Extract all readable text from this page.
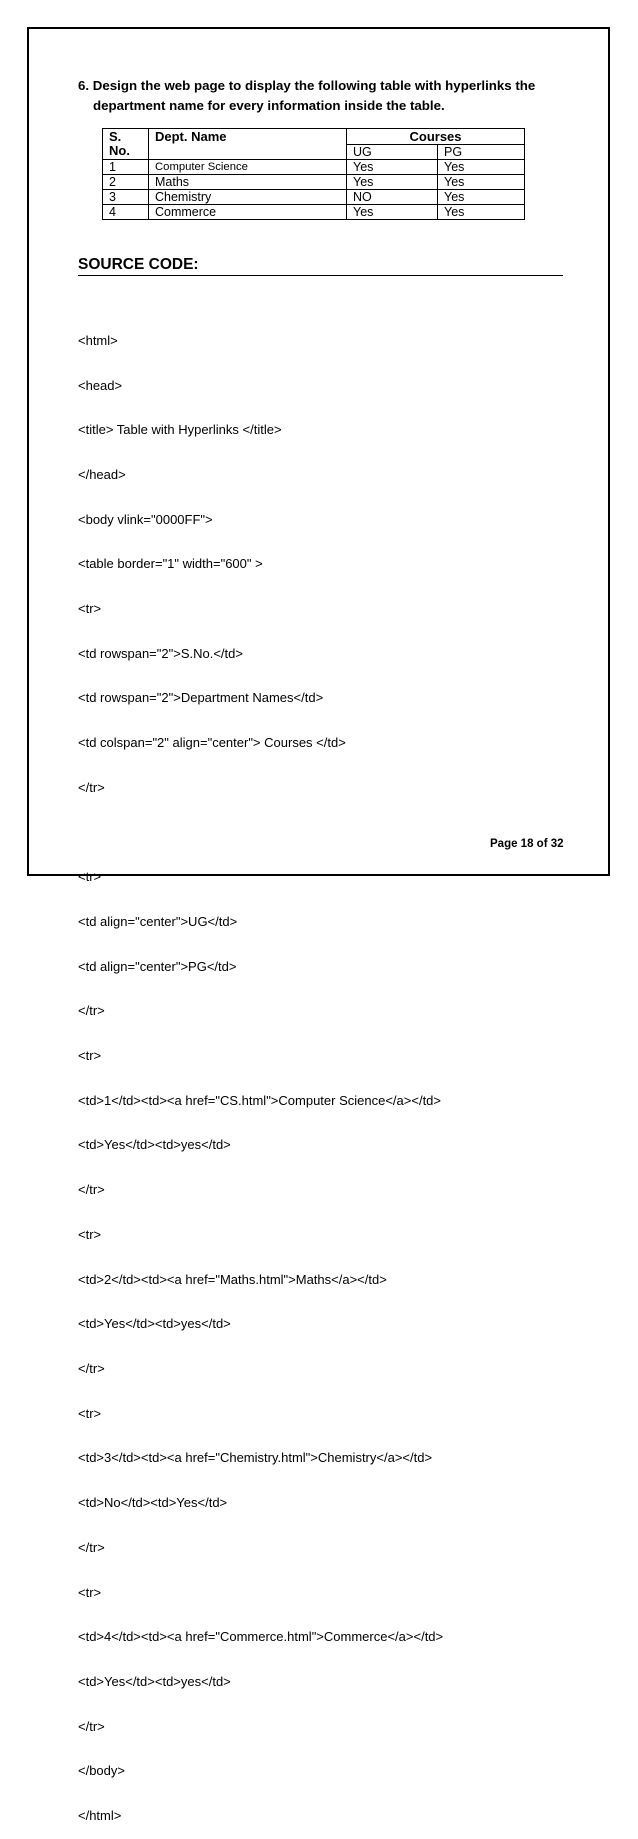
6. Design the web page to display the following table with hyperlinks the
department name for every information inside the table.
S. No.	Dept. Name	Courses	
		UG	PG
1	Computer Science	Yes	Yes
2	Maths	Yes	Yes
3	Chemistry	NO	Yes
4	Commerce	Yes	Yes
SOURCE CODE:

<html>

<head>

<title> Table with Hyperlinks </title>

</head>

<body vlink="0000FF">

<table border="1" width="600" >

<tr>

<td rowspan="2">S.No.</td>

<td rowspan="2">Department Names</td>

<td colspan="2" align="center"> Courses </td>

</tr>

<tr>

<td align="center">UG</td>

<td align="center">PG</td>

</tr>

<tr>

<td>1</td><td><a href="CS.html">Computer Science</a></td>

<td>Yes</td><td>yes</td>

</tr>

<tr>

<td>2</td><td><a href="Maths.html">Maths</a></td>

<td>Yes</td><td>yes</td>

</tr>

<tr>

<td>3</td><td><a href="Chemistry.html">Chemistry</a></td>

<td>No</td><td>Yes</td>

</tr>

<tr>

<td>4</td><td><a href="Commerce.html">Commerce</a></td>

<td>Yes</td><td>yes</td>

</tr>

</body>

</html>

Page 18 of 32
